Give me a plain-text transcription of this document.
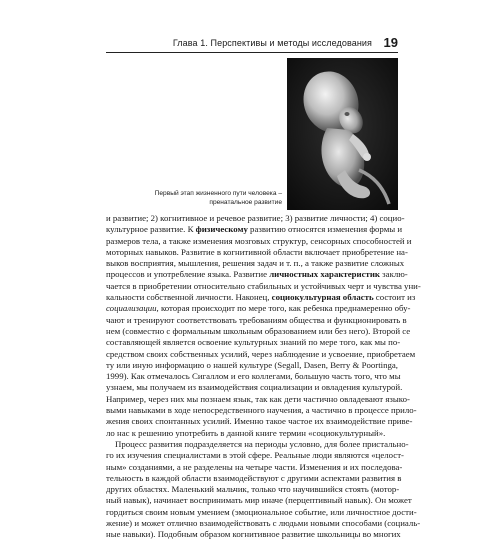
Глава 1. Перспективы и методы исследования 19
Первый этап жизненного пути человека –
пренатальное развитие
и развитие; 2) когнитивное и речевое развитие; 3) развитие личности; 4) социо-
культурное развитие. К физическому развитию относятся изменения формы и
размеров тела, а также изменения мозговых структур, сенсорных способностей и
моторных навыков. Развитие в когнитивной области включает приобретение на-
выков восприятия, мышления, решения задач и т. п., а также развитие сложных
процессов и употребление языка. Развитие личностных характеристик заклю-
чается в приобретении относительно стабильных и устойчивых черт и чувства уни-
кальности собственной личности. Наконец, социокультурная область состоит из
социализации, которая происходит по мере того, как ребенка преднамеренно обу-
чают и тренируют соответствовать требованиям общества и функционировать в
нем (совместно с формальным школьным образованием или без него). Второй се
составляющей является освоение культурных знаний по мере того, как мы по-
средством своих собственных усилий, через наблюдение и усвоение, приобретаем
ту или иную информацию о нашей культуре (Segall, Dasen, Berry & Poortinga,
1999). Как отмечалось Сигаллом и его коллегами, большую часть того, что мы
узнаем, мы получаем из взаимодействия социализации и овладения культурой.
Например, через них мы познаем язык, так как дети частично овладевают языко-
выми навыками в ходе непосредственного научения, а частично в процессе прило-
жения своих спонтанных усилий. Именно такое частое их взаимодействие приве-
ло нас к решению употребить в данной книге термин «социокультурный».
Процесс развития подразделяется на периоды условно, для более пристально-
го их изучения специалистами в этой сфере. Реальные люди являются «целост-
ным» созданиями, а не разделены на четыре части. Изменения и их последова-
тельность в каждой области взаимодействуют с другими аспектами развития в
других областях. Маленький мальчик, только что научившийся стоять (мотор-
ный навык), начинает воспринимать мир иначе (перцептивный навык). Он может
гордиться своим новым умением (эмоциональное событие, или личностное дости-
жение) и может отлично взаимодействовать с людьми новыми способами (социаль-
ные навыки). Подобным образом когнитивное развитие школьницы во многих
